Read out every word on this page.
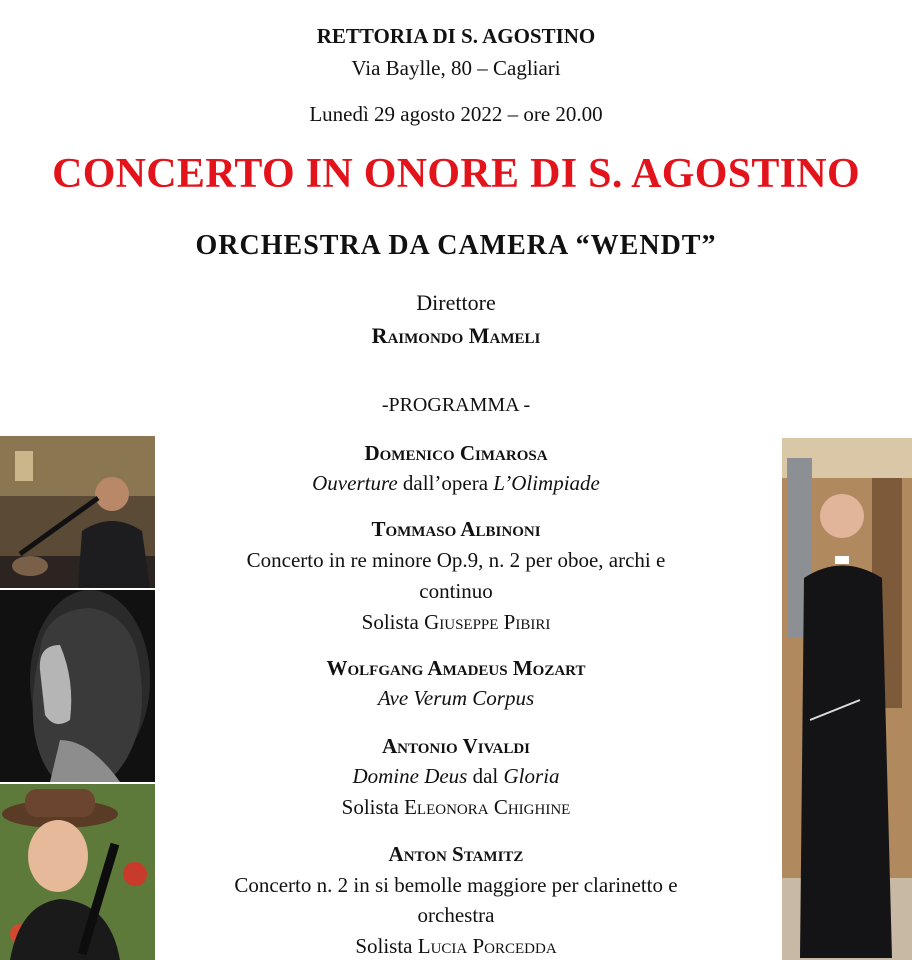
RETTORIA DI S. AGOSTINO
Via Baylle, 80 – Cagliari
Lunedì 29 agosto 2022 – ore 20.00
CONCERTO IN ONORE DI S. AGOSTINO
ORCHESTRA DA CAMERA “WENDT”
Direttore
Raimondo Mameli
-PROGRAMMA -
Domenico Cimarosa
Ouverture dall’opera L’Olimpiade
Tommaso Albinoni
Concerto in re minore Op.9, n. 2 per oboe, archi e
continuo
Solista Giuseppe Pibiri
Wolfgang Amadeus Mozart
Ave Verum Corpus
Antonio Vivaldi
Domine Deus dal Gloria
Solista Eleonora Chighine
Anton Stamitz
Concerto n. 2 in si bemolle maggiore per clarinetto e
orchestra
Solista Lucia Porcedda
